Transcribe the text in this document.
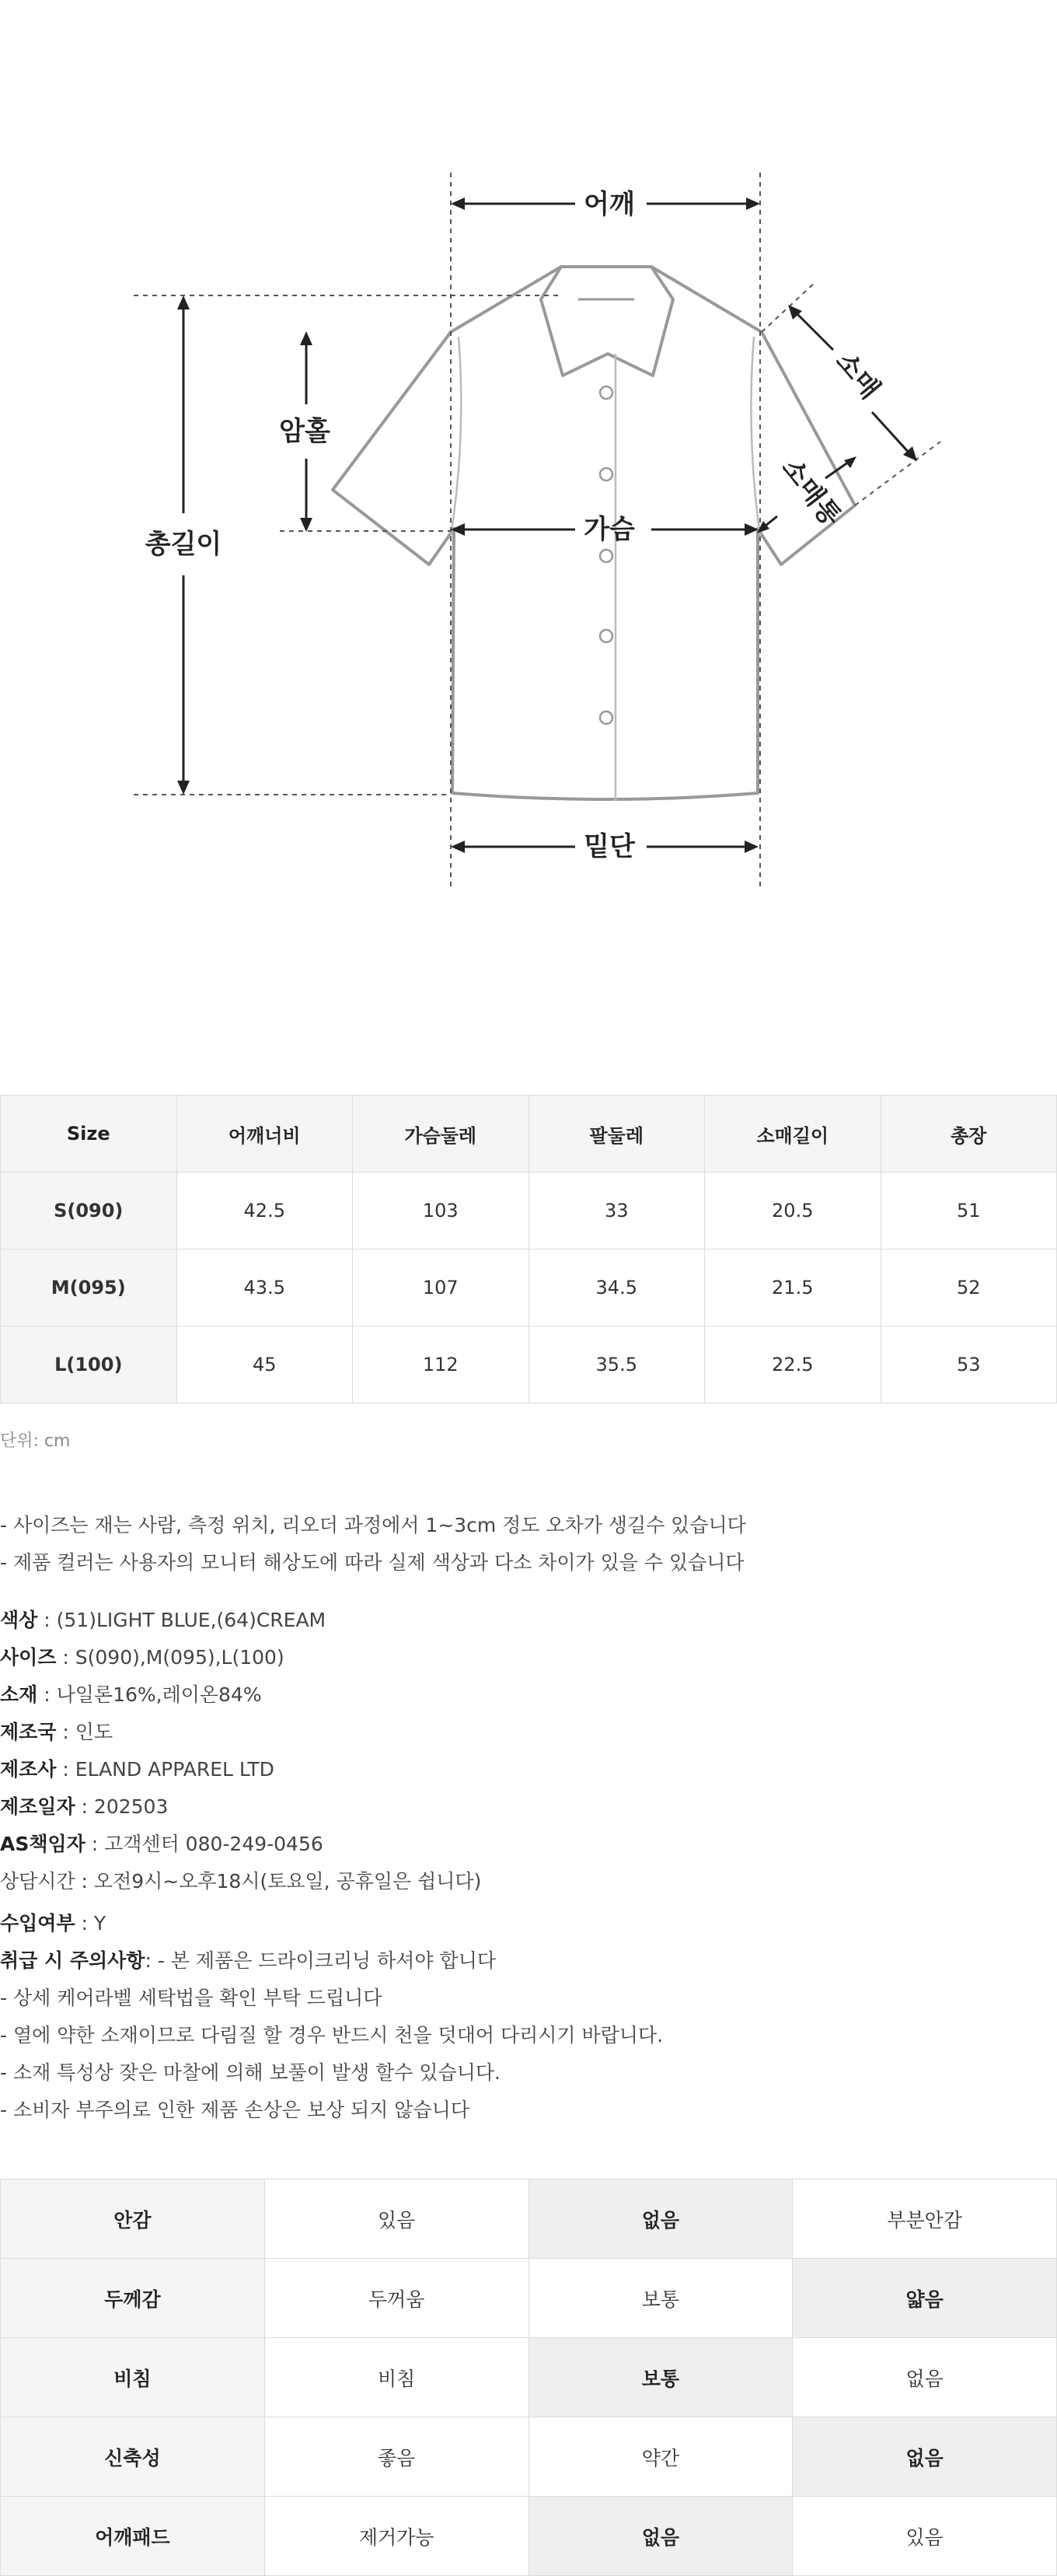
어깨
암홀
총길이	가슴
밑단
소매
소매통
Size	어깨너비	가슴둘레	팔둘레	소매길이	총장
S(090)	42.5	103	33	20.5	51
M(095)	43.5	107	34.5	21.5	52
L(100)	45	112	35.5	22.5	53
단위: cm
- 사이즈는 재는 사람, 측정 위치, 리오더 과정에서 1~3cm 정도 오차가 생길수 있습니다
- 제품 컬러는 사용자의 모니터 해상도에 따라 실제 색상과 다소 차이가 있을 수 있습니다
색상 : (51)LIGHT BLUE,(64)CREAM
사이즈 : S(090),M(095),L(100)
소재 : 나일론16%,레이온84%
제조국 : 인도
제조사 : ELAND APPAREL LTD
제조일자 : 202503
AS책임자 : 고객센터 080-249-0456
상담시간 : 오전9시~오후18시(토요일, 공휴일은 쉽니다)
수입여부 : Y
취급 시 주의사항: - 본 제품은 드라이크리닝 하셔야 합니다
- 상세 케어라벨 세탁법을 확인 부탁 드립니다
- 열에 약한 소재이므로 다림질 할 경우 반드시 천을 덧대어 다리시기 바랍니다.
- 소재 특성상 잦은 마찰에 의해 보풀이 발생 할수 있습니다.
- 소비자 부주의로 인한 제품 손상은 보상 되지 않습니다
안감	있음	없음	부분안감
두께감	두꺼움	보통	얇음
비침	비침	보통	없음
신축성	좋음	약간	없음
어깨패드	제거가능	없음	있음
